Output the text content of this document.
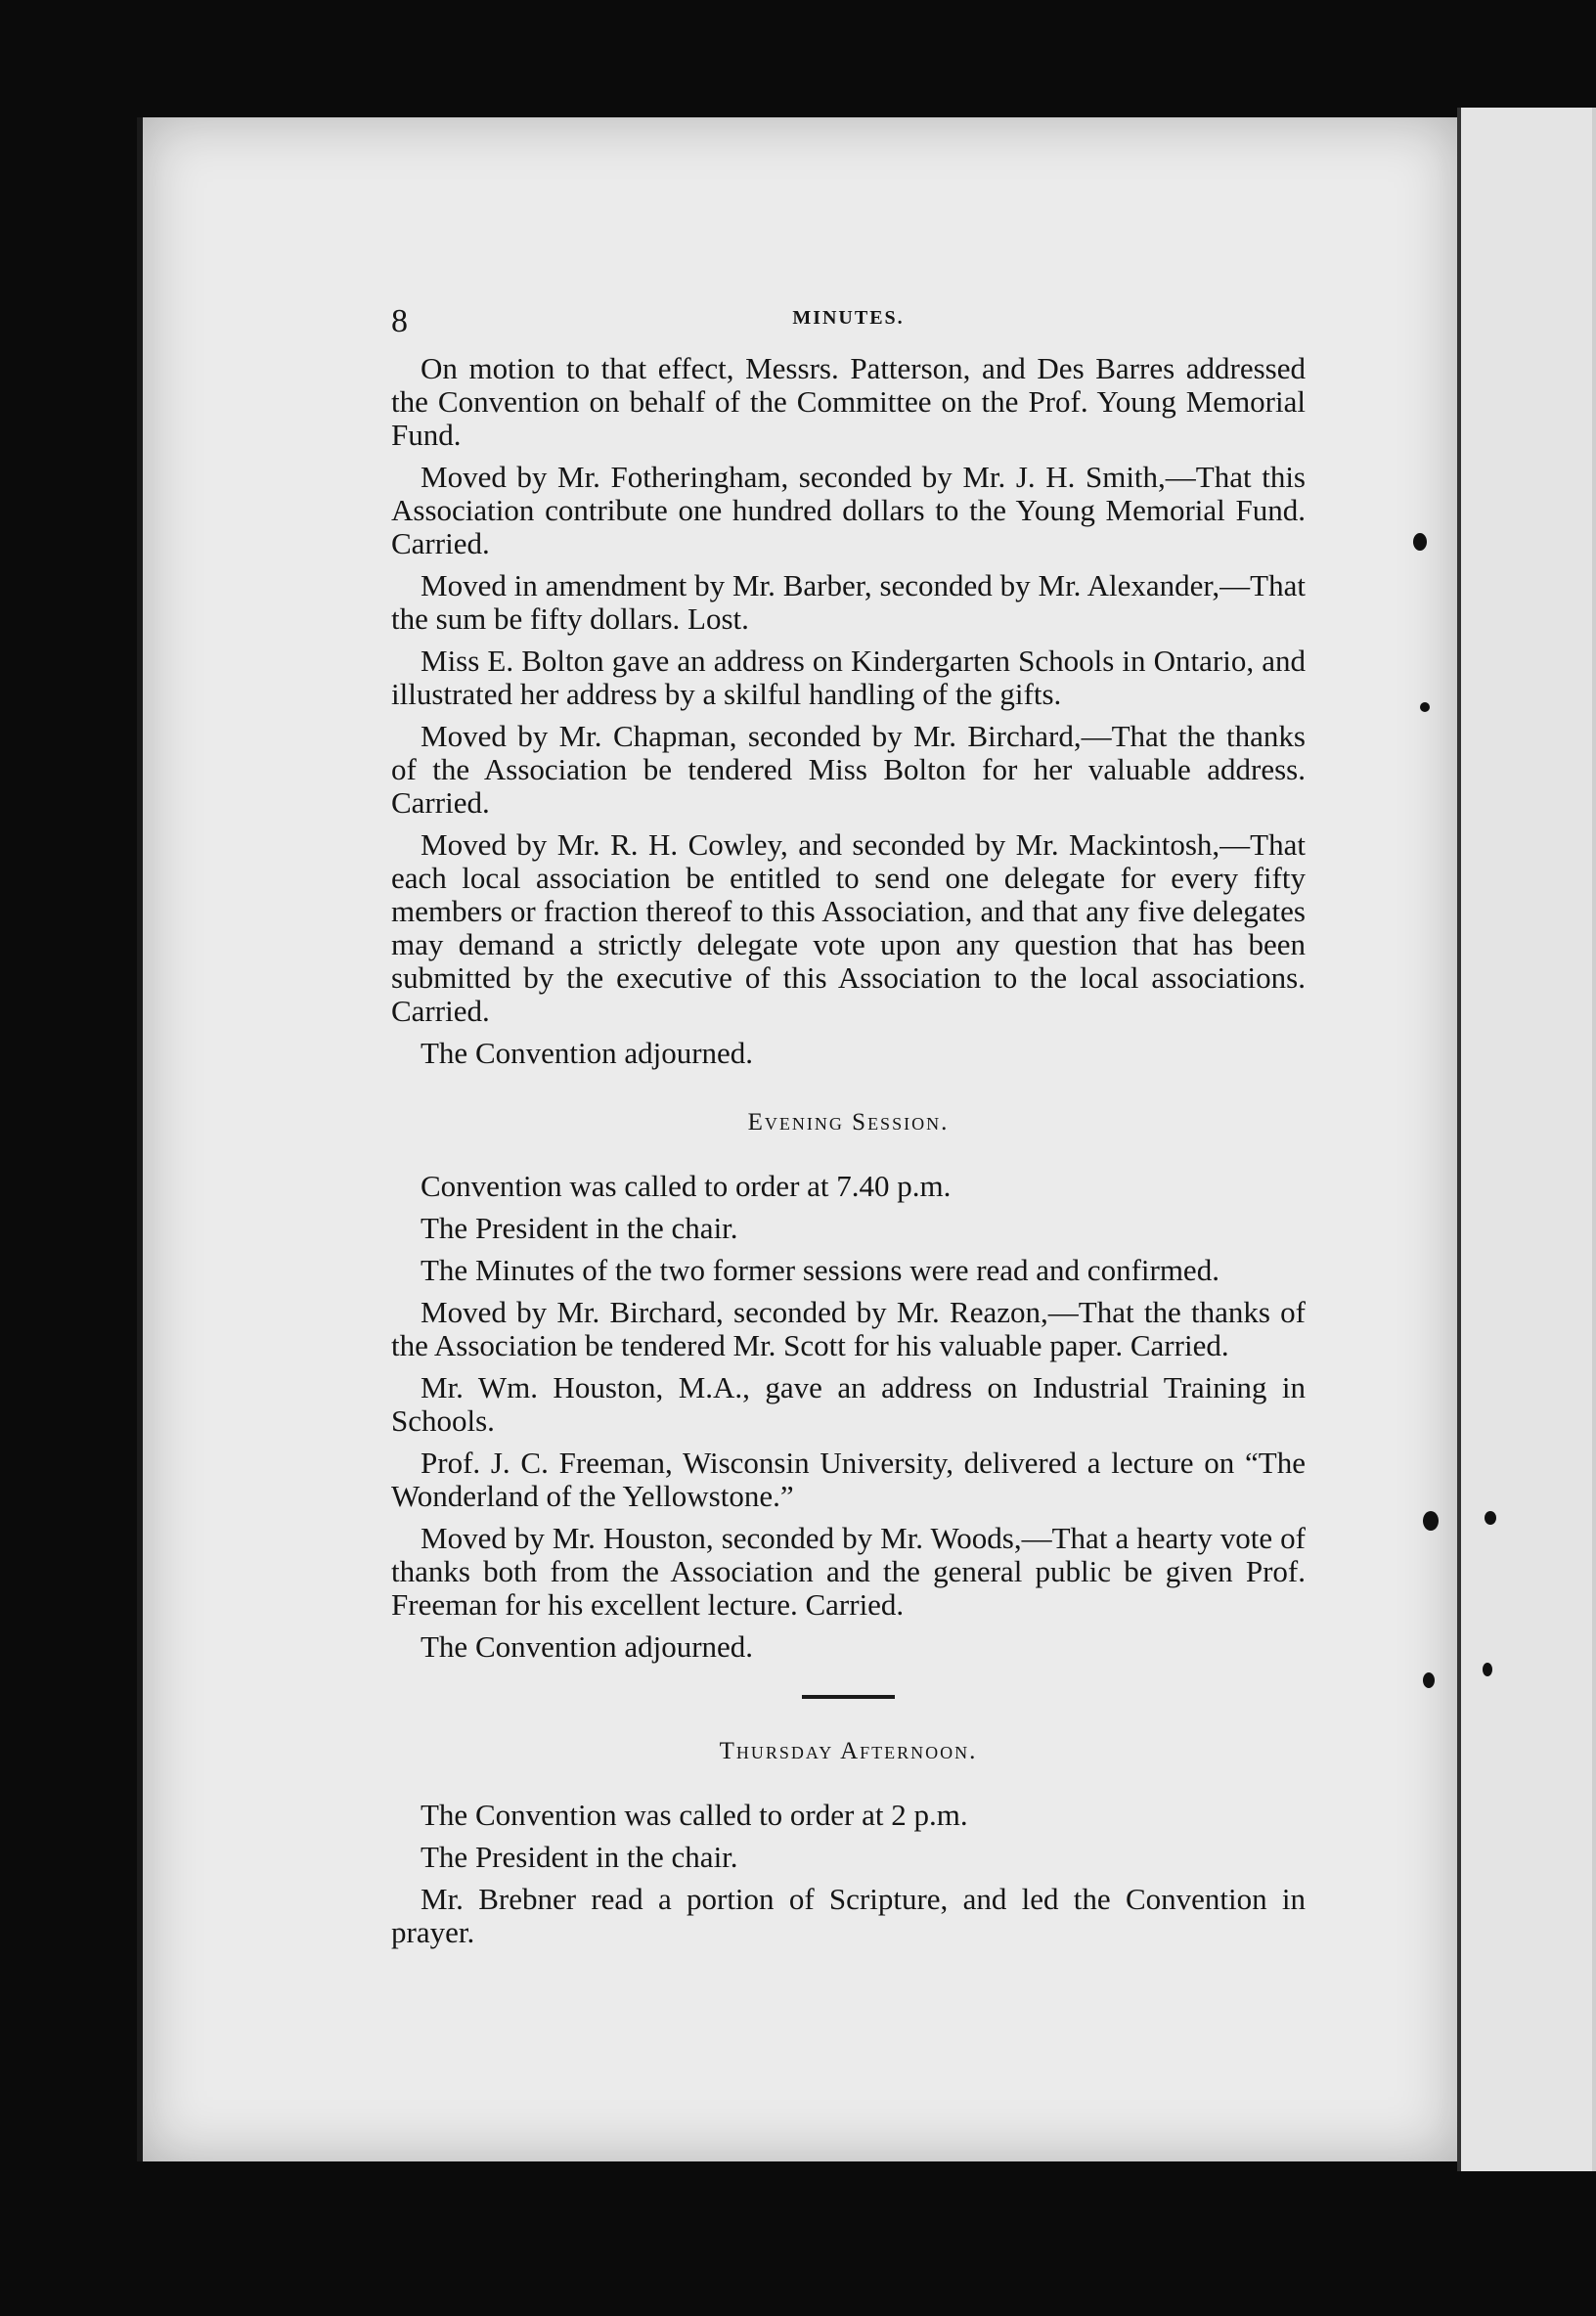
8	MINUTES.

On motion to that effect, Messrs. Patterson, and Des Barres addressed the Convention on behalf of the Committee on the Prof. Young Memorial Fund.

Moved by Mr. Fotheringham, seconded by Mr. J. H. Smith,—That this Association contribute one hundred dollars to the Young Memorial Fund. Carried.

Moved in amendment by Mr. Barber, seconded by Mr. Alexander,—That the sum be fifty dollars. Lost.

Miss E. Bolton gave an address on Kindergarten Schools in Ontario, and illustrated her address by a skilful handling of the gifts.

Moved by Mr. Chapman, seconded by Mr. Birchard,—That the thanks of the Association be tendered Miss Bolton for her valuable address. Carried.

Moved by Mr. R. H. Cowley, and seconded by Mr. Mackintosh,—That each local association be entitled to send one delegate for every fifty members or fraction thereof to this Association, and that any five delegates may demand a strictly delegate vote upon any question that has been submitted by the executive of this Association to the local associations. Carried.

The Convention adjourned.

Evening Session.

Convention was called to order at 7.40 p.m.

The President in the chair.

The Minutes of the two former sessions were read and confirmed.

Moved by Mr. Birchard, seconded by Mr. Reazon,—That the thanks of the Association be tendered Mr. Scott for his valuable paper. Carried.

Mr. Wm. Houston, M.A., gave an address on Industrial Training in Schools.

Prof. J. C. Freeman, Wisconsin University, delivered a lecture on “The Wonderland of the Yellowstone.”

Moved by Mr. Houston, seconded by Mr. Woods,—That a hearty vote of thanks both from the Association and the general public be given Prof. Freeman for his excellent lecture. Carried.

The Convention adjourned.

Thursday Afternoon.

The Convention was called to order at 2 p.m.

The President in the chair.

Mr. Brebner read a portion of Scripture, and led the Convention in prayer.
